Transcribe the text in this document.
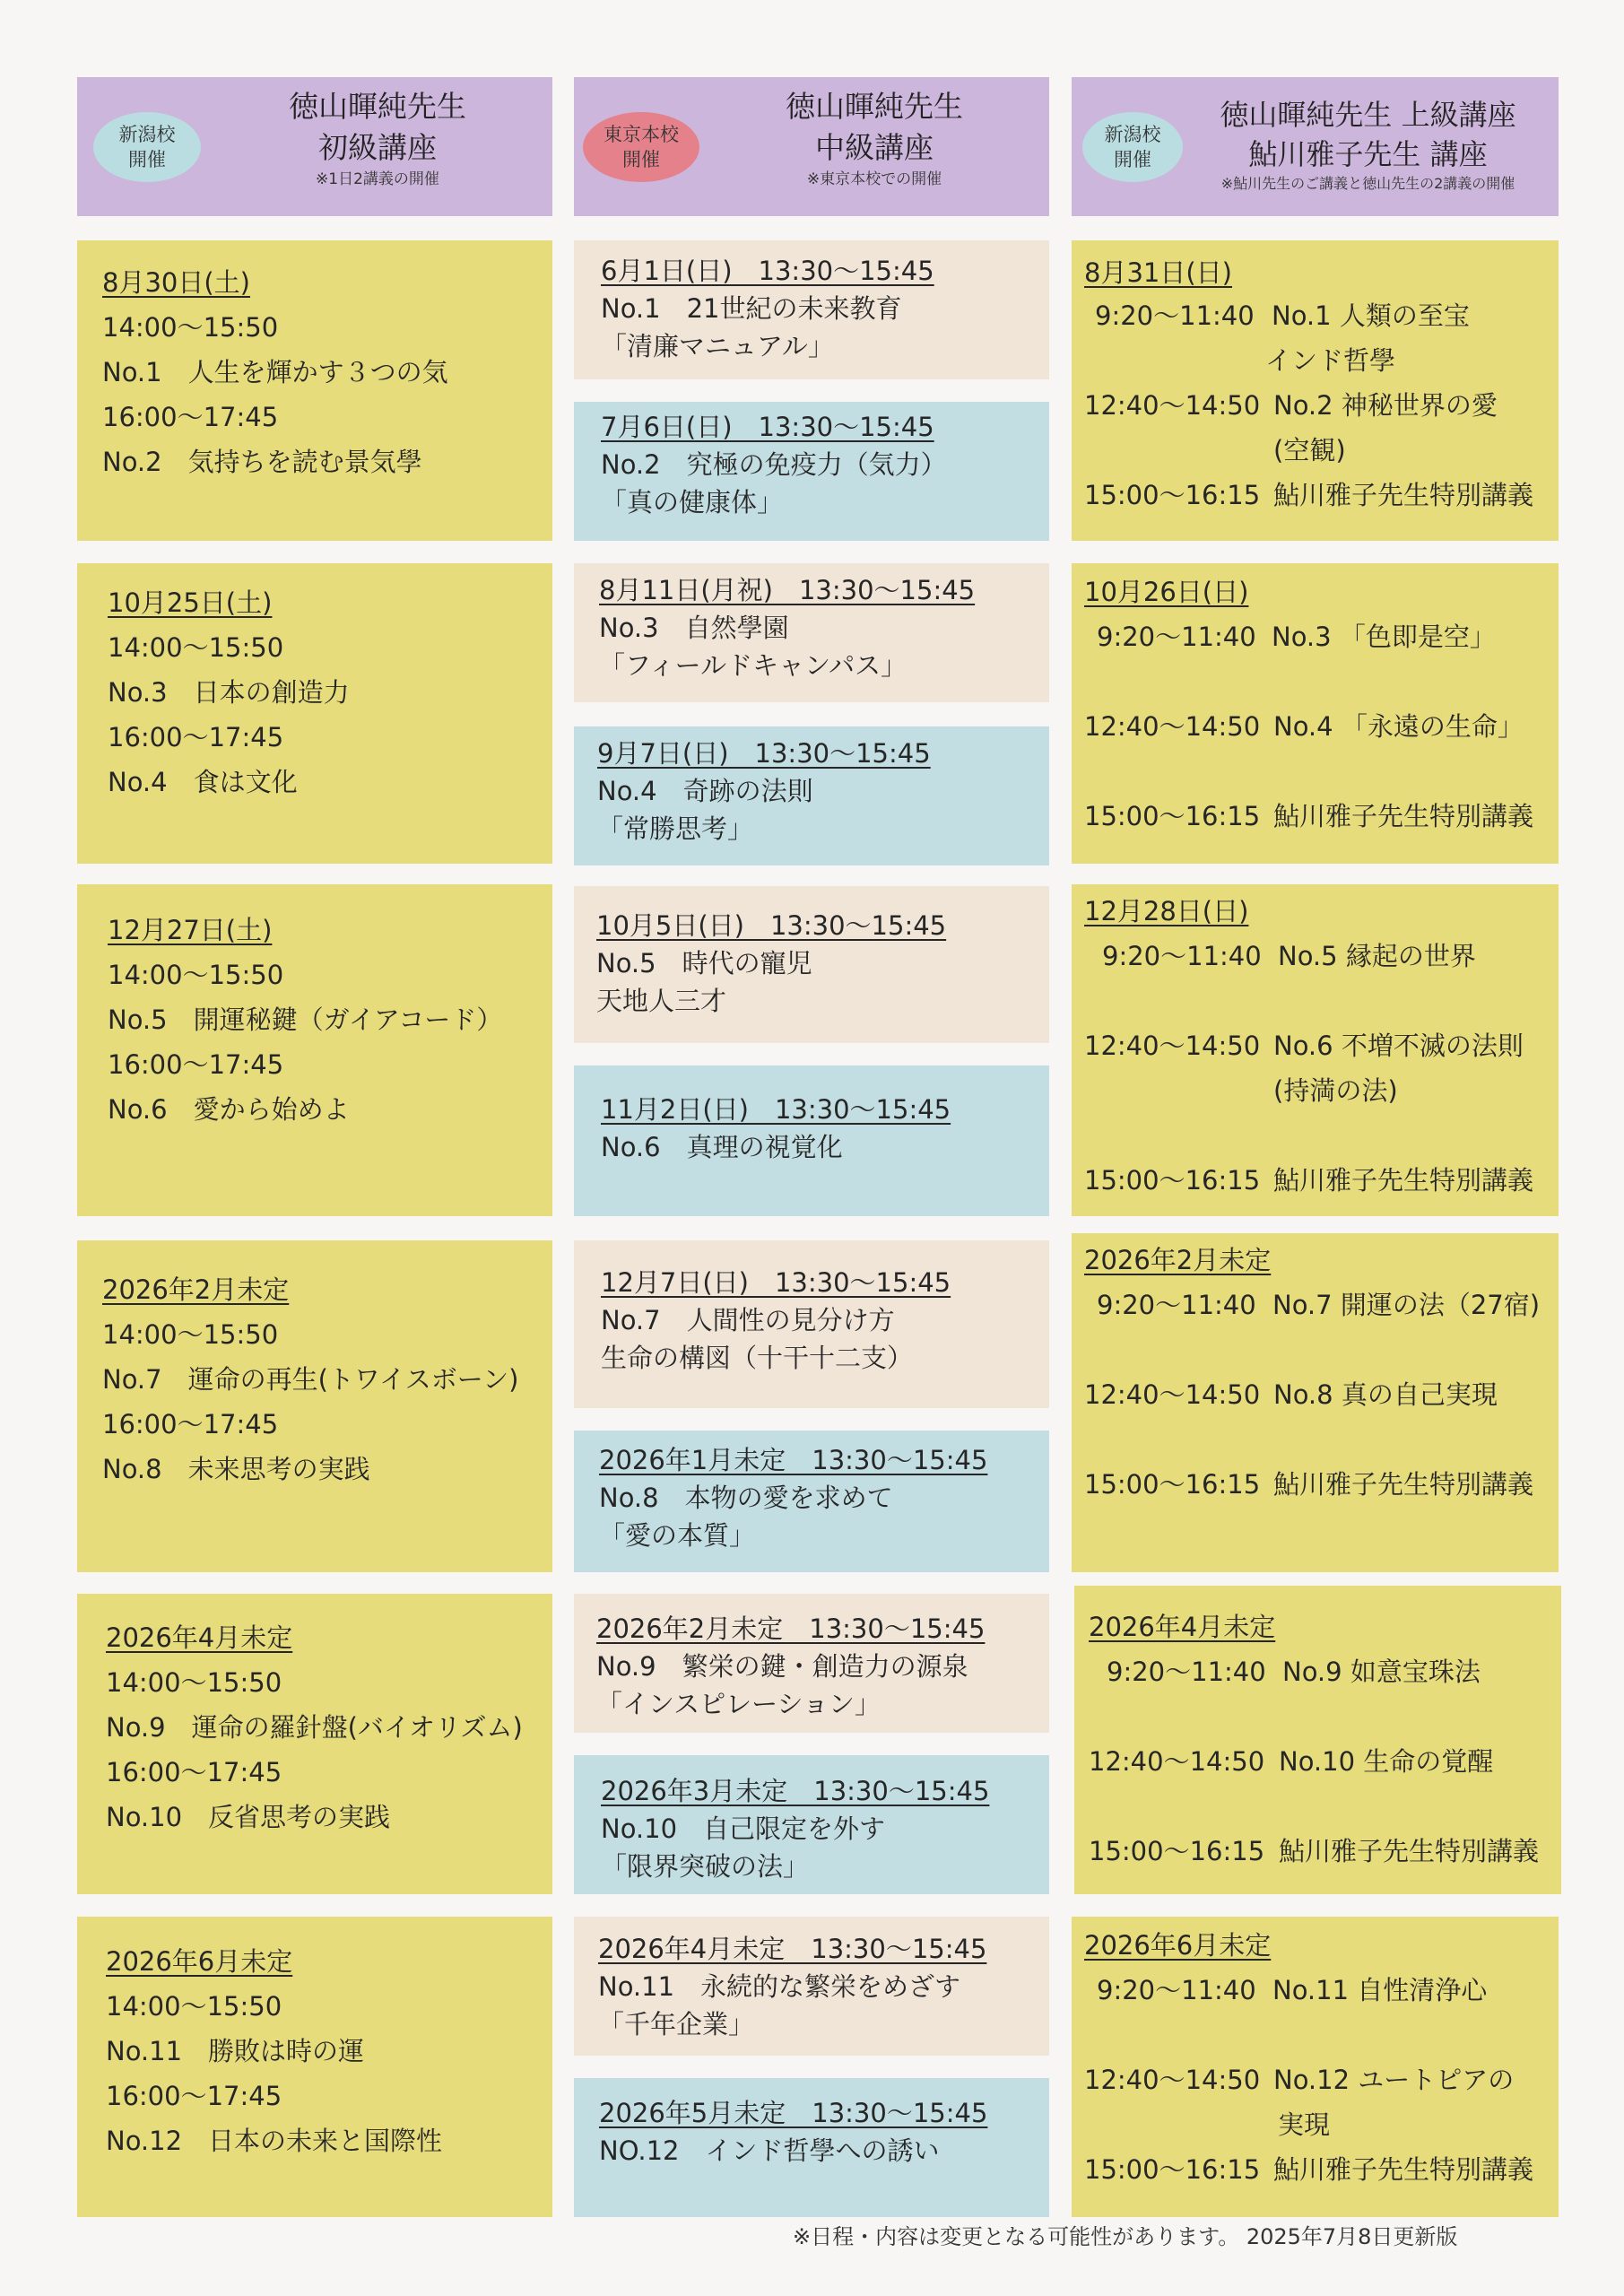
新潟校
開催
徳山暉純先生
初級講座
※1日2講義の開催
東京本校
開催
徳山暉純先生
中級講座
※東京本校での開催
新潟校
開催
徳山暉純先生 上級講座
鮎川雅子先生 講座
※鮎川先生のご講義と徳山先生の2講義の開催
8月30日(土)
14:00〜15:50
No.1　人生を輝かす３つの気
16:00〜17:45
No.2　気持ちを読む景気學
10月25日(土)
14:00〜15:50
No.3　日本の創造力
16:00〜17:45
No.4　食は文化
12月27日(土)
14:00〜15:50
No.5　開運秘鍵（ガイアコード）
16:00〜17:45
No.6　愛から始めよ
2026年2月未定
14:00〜15:50
No.7　運命の再生(トワイスボーン)
16:00〜17:45
No.8　未来思考の実践
2026年4月未定
14:00〜15:50
No.9　運命の羅針盤(バイオリズム)
16:00〜17:45
No.10　反省思考の実践
2026年6月未定
14:00〜15:50
No.11　勝敗は時の運
16:00〜17:45
No.12　日本の未来と国際性
6月1日(日)　13:30〜15:45
No.1　21世紀の未来教育
「清廉マニュアル」
7月6日(日)　13:30〜15:45
No.2　究極の免疫力（気力）
「真の健康体」
8月11日(月祝)　13:30〜15:45
No.3　自然學園
「フィールドキャンパス」
9月7日(日)　13:30〜15:45
No.4　奇跡の法則
「常勝思考」
10月5日(日)　13:30〜15:45
No.5　時代の寵児
天地人三才
11月2日(日)　13:30〜15:45
No.6　真理の視覚化
12月7日(日)　13:30〜15:45
No.7　人間性の見分け方
生命の構図（十干十二支）
2026年1月未定　13:30〜15:45
No.8　本物の愛を求めて
「愛の本質」
2026年2月未定　13:30〜15:45
No.9　繁栄の鍵・創造力の源泉
「インスピレーション」
2026年3月未定　13:30〜15:45
No.10　自己限定を外す
「限界突破の法」
2026年4月未定　13:30〜15:45
No.11　永続的な繁栄をめざす
「千年企業」
2026年5月未定　13:30〜15:45
NO.12　インド哲學への誘い
8月31日(日)
9:20〜11:40 No.1 人類の至宝
インド哲學
12:40〜14:50 No.2 神秘世界の愛
(空観)
15:00〜16:15 鮎川雅子先生特別講義
10月26日(日)
9:20〜11:40 No.3 「色即是空」
12:40〜14:50 No.4 「永遠の生命」
15:00〜16:15 鮎川雅子先生特別講義
12月28日(日)
9:20〜11:40 No.5 縁起の世界
12:40〜14:50 No.6 不増不滅の法則
(持満の法)
15:00〜16:15 鮎川雅子先生特別講義
2026年2月未定
9:20〜11:40 No.7 開運の法（27宿)
12:40〜14:50 No.8 真の自己実現
15:00〜16:15 鮎川雅子先生特別講義
2026年4月未定
9:20〜11:40 No.9 如意宝珠法
12:40〜14:50 No.10 生命の覚醒
15:00〜16:15 鮎川雅子先生特別講義
2026年6月未定
9:20〜11:40 No.11 自性清浄心
12:40〜14:50 No.12 ユートピアの
実現
15:00〜16:15 鮎川雅子先生特別講義
※日程・内容は変更となる可能性があります。 2025年7月8日更新版
